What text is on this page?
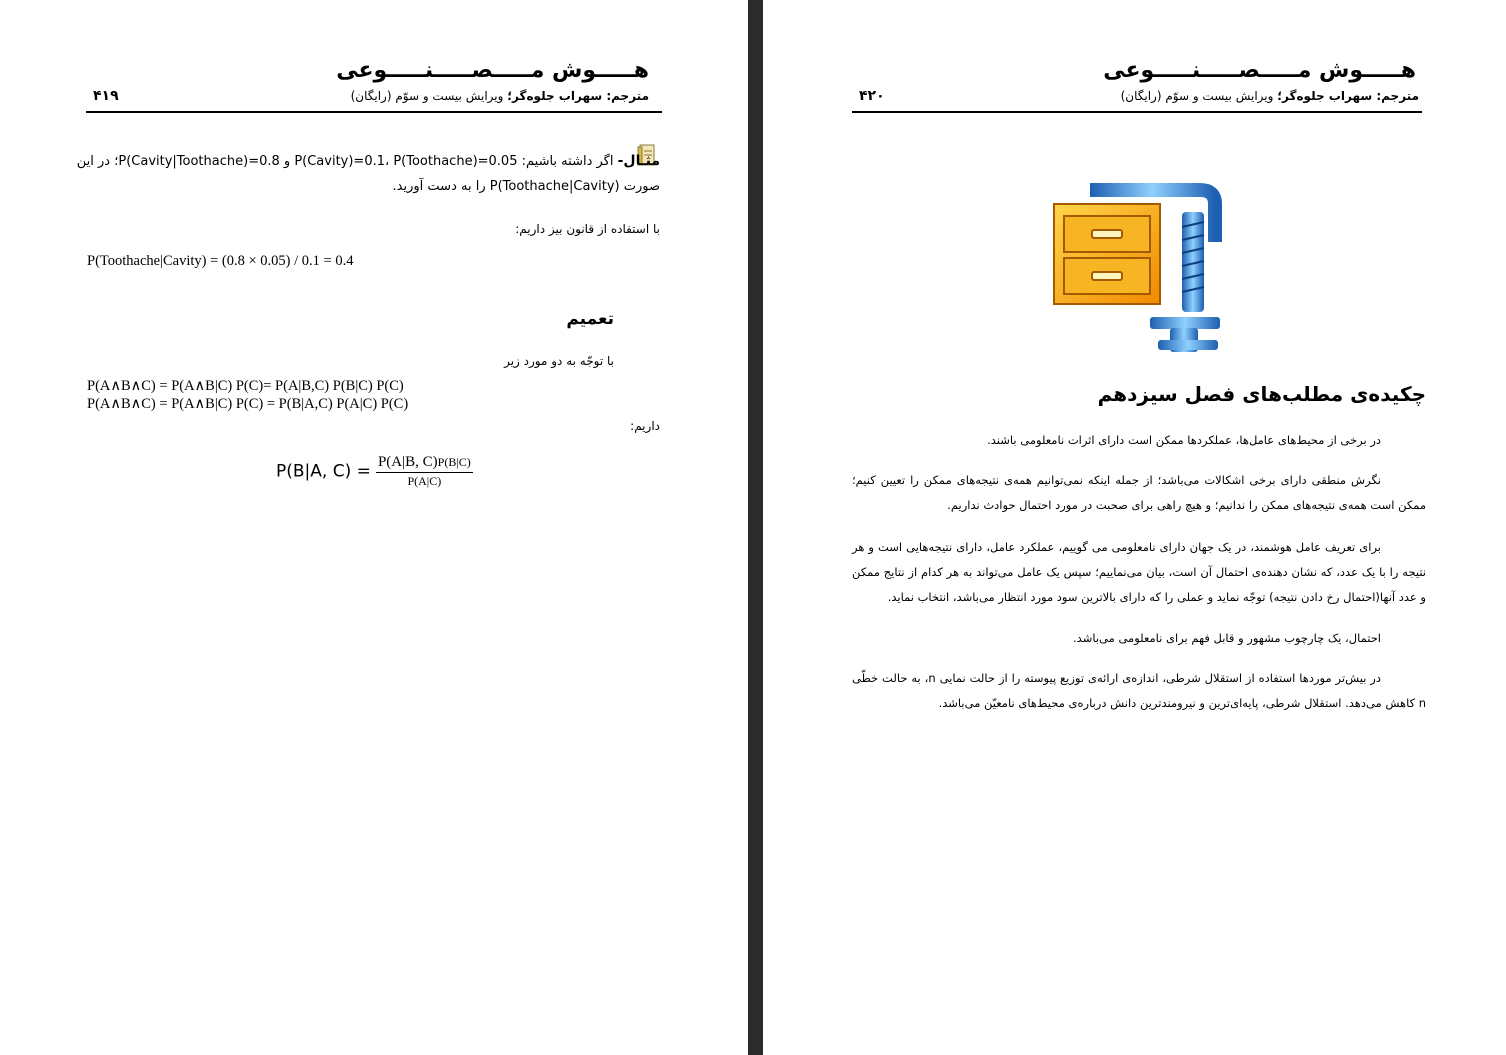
هـــــوش مـــــصـــــنـــــوعی
مترجم: سهراب جلوه‌گر؛ ویرایش بیست و سوّم (رایگان)
۴۱۹
مثـال- اگر داشته باشیم: P(Cavity)=0.1، P(Toothache)=0.05 و P(Cavity|Toothache)=0.8؛ در این
صورت P(Toothache|Cavity) را به دست آورید.
با استفاده از قانون بیز داریم:
P(Toothache|Cavity) = (0.8 × 0.05) / 0.1 = 0.4
تعمیم
با توجّه به دو مورد زیر
P(A∧B∧C) = P(A∧B|C) P(C)= P(A|B,C) P(B|C) P(C)
P(A∧B∧C) = P(A∧B|C) P(C) = P(B|A,C) P(A|C) P(C)
داریم:
P(B|A, $C) = \frac{P(A|B, C)P(B|C)}{P(A|C)}$
هـــــوش مـــــصـــــنـــــوعی
مترجم: سهراب جلوه‌گر؛ ویرایش بیست و سوّم (رایگان)
۴۲۰
چکیده‌ی مطلب‌های فصل سیزدهم
در برخی از محیط‌های عامل‌ها، عملکردها ممکن است دارای اثرات نامعلومی باشند.
نگرش منطقی دارای برخی اشکالات می‌باشد؛ از جمله اینکه نمی‌توانیم همه‌ی نتیجه‌های ممکن را تعیین کنیم؛ ممکن است همه‌ی نتیجه‌های ممکن را ندانیم؛ و هیچ راهی برای صحبت در مورد احتمال حوادث نداریم.
برای تعریف عامل هوشمند، در یک جهان دارای نامعلومی می گوییم، عملکرد عامل، دارای نتیجه‌هایی است و هر نتیجه را با یک عدد، که نشان دهنده‌ی احتمال آن است، بیان می‌نماییم؛ سپس یک عامل می‌تواند به هر کدام از نتایج ممکن و عدد آنها(احتمال رخ دادن نتیجه) توجّه نماید و عملی را که دارای بالاترین سود مورد انتظار می‌باشد، انتخاب نماید.
احتمال، یک چارچوب مشهور و قابل فهم برای نامعلومی می‌باشد.
در بیش‌تر موردها استفاده از استقلال شرطی، اندازه‌ی ارائه‌ی توزیع پیوسته را از حالت نمایی n، به حالت خطّی n کاهش می‌دهد. استقلال شرطی، پایه‌ای‌ترین و نیرومندترین دانش درباره‌ی محیط‌های نامعیّن می‌باشد.
